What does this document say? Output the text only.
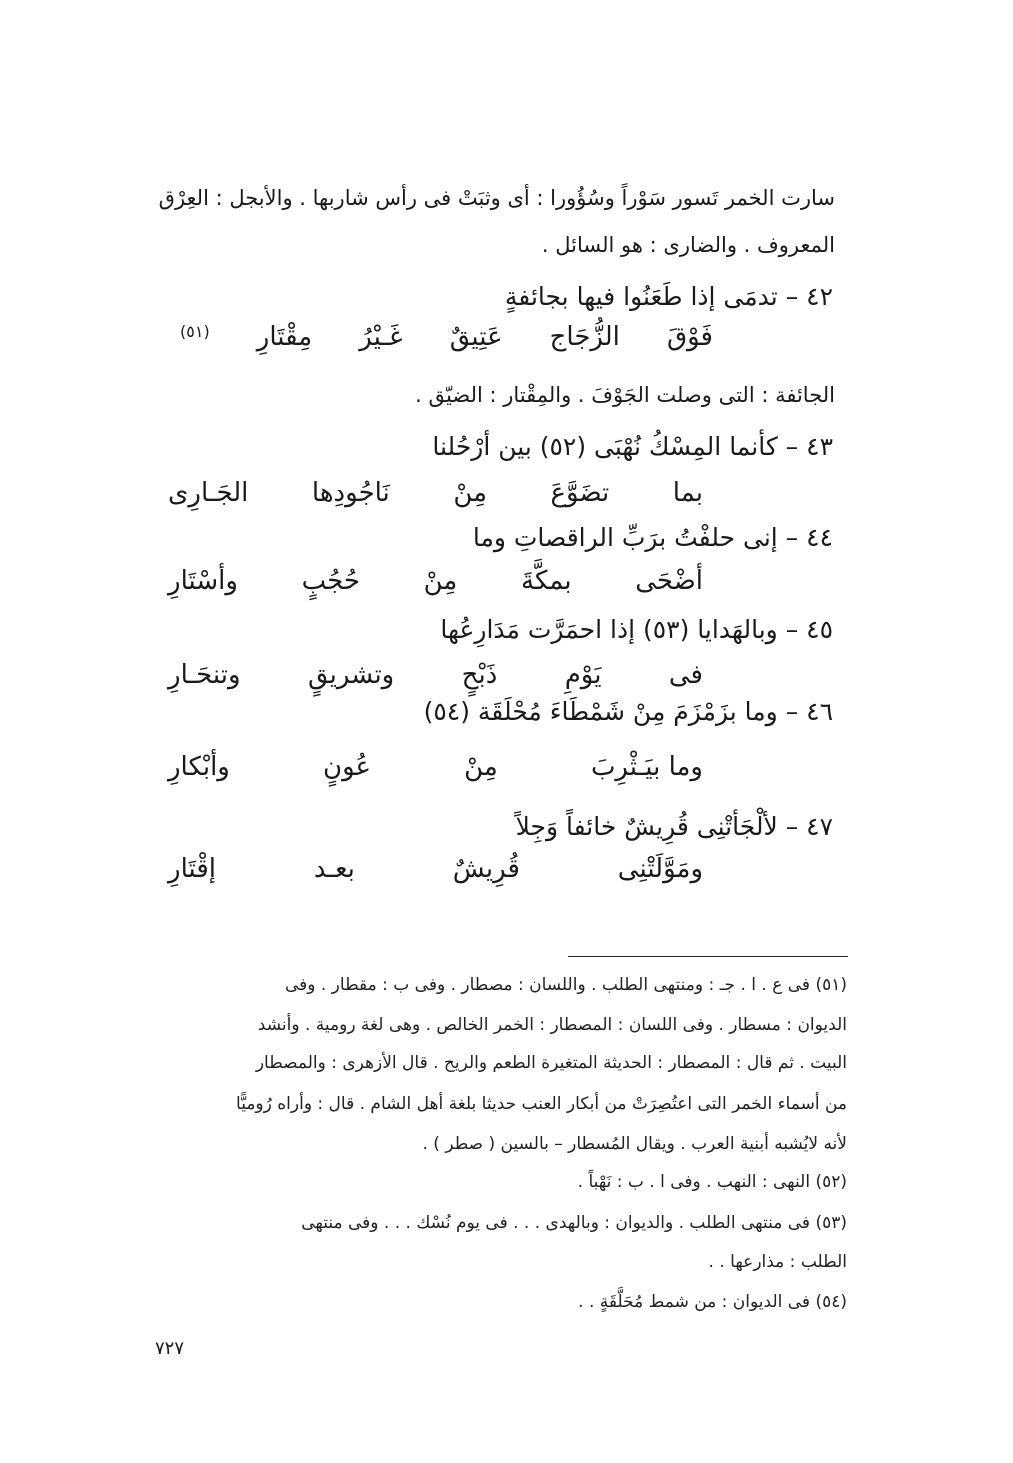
سارت الخمر تَسور سَوْراً وسُؤُورا : أى وثبَتْ فى رأس شاربها . والأبجل : العِرْق
المعروف . والضارى : هو السائل .
٤٢ – تدمَى إذا طَعَنُوا فيها بجائفةٍ
فَوْقَ
الزُّجَاج
عَتِيقٌ
غَـيْرُ
مِقْتَارِ
(٥١)
الجائفة : التى وصلت الجَوْفَ . والمِقْتار : الضيّق .
٤٣ – كأنما المِسْكُ نُهْبَى (٥٢) بين أرْحُلنا
بما
تضَوَّعَ
مِنْ
نَاجُودِها
الجَـارِى
٤٤ – إنى حلفْتُ برَبِّ الراقصاتِ وما
أضْحَى
بمكَّةَ
مِنْ
حُجُبٍ
وأسْتَارِ
٤٥ – وبالهَدايا (٥٣) إذا احمَرَّت مَدَارِعُها
فى
يَوْمِ
ذَبْحٍ
وتشريقٍ
وتنحَـارِ
٤٦ – وما بزَمْزَمَ مِنْ شَمْطَاءَ مُحْلَقَة (٥٤)
وما بيَـثْرِبَ
مِنْ
عُونٍ
وأبْكارِ
٤٧ – لألْجَأتْنِى قُرِيشٌ خائفاً وَجِلاً
ومَوَّلَتْنِى
قُرِيشٌ
بعـد
إقْتَارِ
(٥١) فى ع . ا . جـ : ومنتهى الطلب . واللسان : مصطار . وفى ب : مقطار . وفى
الديوان : مسطار . وفى اللسان : المصطار : الخمر الخالص . وهى لغة رومية . وأنشد
البيت . ثم قال : المصطار : الحديثة المتغيرة الطعم والريح . قال الأزهرى : والمصطار
من أسماء الخمر التى اعتُصِرَتْ من أبكار العنب حديثا بلغة أهل الشام . قال : وأراه رُوميًّا
لأنه لايُشبه أبنية العرب . ويقال المُسطار – بالسين ( صطر ) .
(٥٢) النهى : النهب . وفى ا . ب : نَهْباً .
(٥٣) فى منتهى الطلب . والديوان : وبالهدى . . . فى يوم نُسْك . . . وفى منتهى
الطلب : مذارعها . .
(٥٤) فى الديوان : من شمط مُحَلَّقَةٍ . .
٧٢٧
